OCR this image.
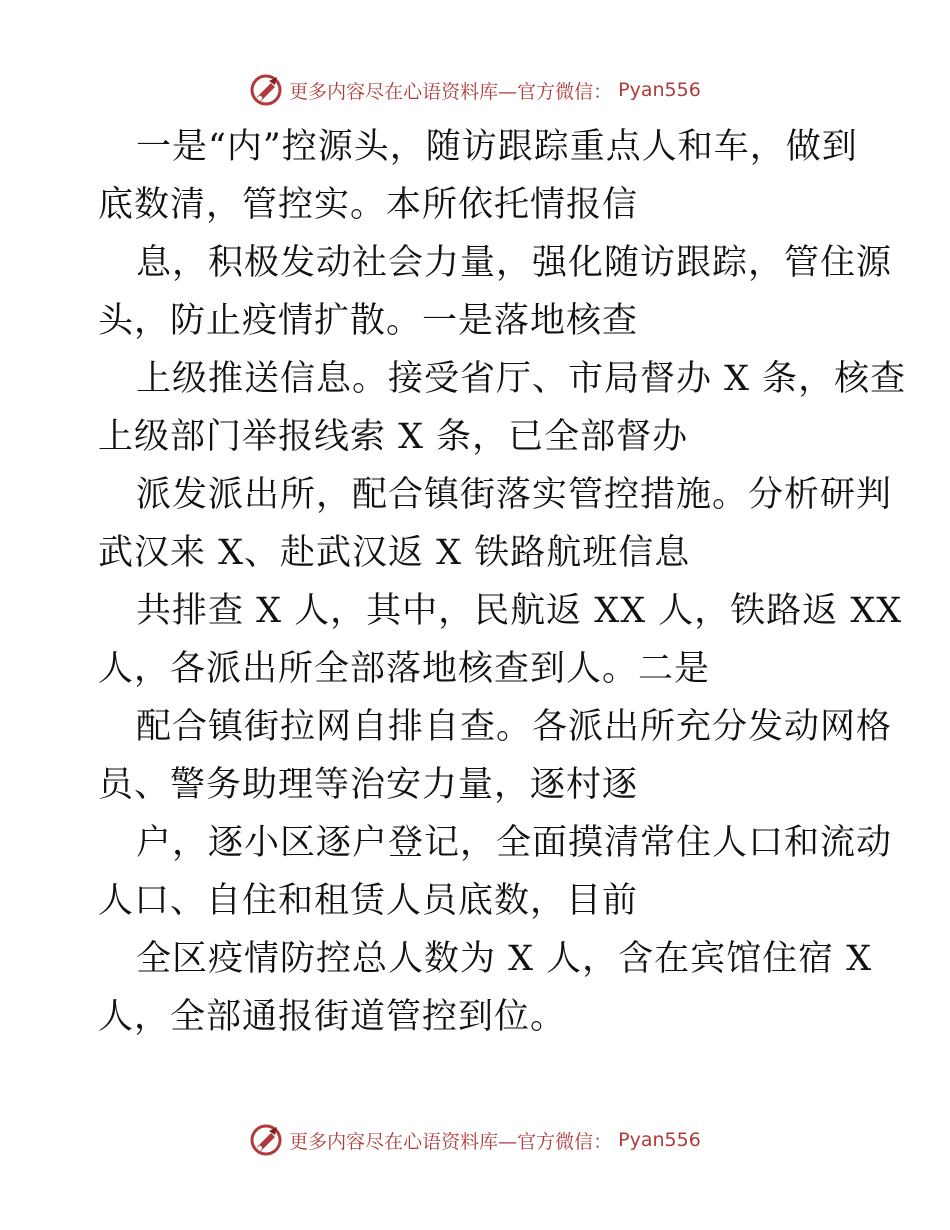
更多内容尽在心语资料库—官方微信： Pyan556

一是“内”控源头，随访跟踪重点人和车，做到

底数清，管控实。本所依托情报信

息，积极发动社会力量，强化随访跟踪，管住源

头，防止疫情扩散。一是落地核查

上级推送信息。接受省厅、市局督办 X 条，核查

上级部门举报线索 X 条，已全部督办

派发派出所，配合镇街落实管控措施。分析研判

武汉来 X、赴武汉返 X 铁路航班信息

共排查 X 人，其中，民航返 XX 人，铁路返 XX

人，各派出所全部落地核查到人。二是

配合镇街拉网自排自查。各派出所充分发动网格

员、警务助理等治安力量，逐村逐

户，逐小区逐户登记，全面摸清常住人口和流动

人口、自住和租赁人员底数，目前

全区疫情防控总人数为 X 人，含在宾馆住宿 X

人，全部通报街道管控到位。

更多内容尽在心语资料库—官方微信： Pyan556
